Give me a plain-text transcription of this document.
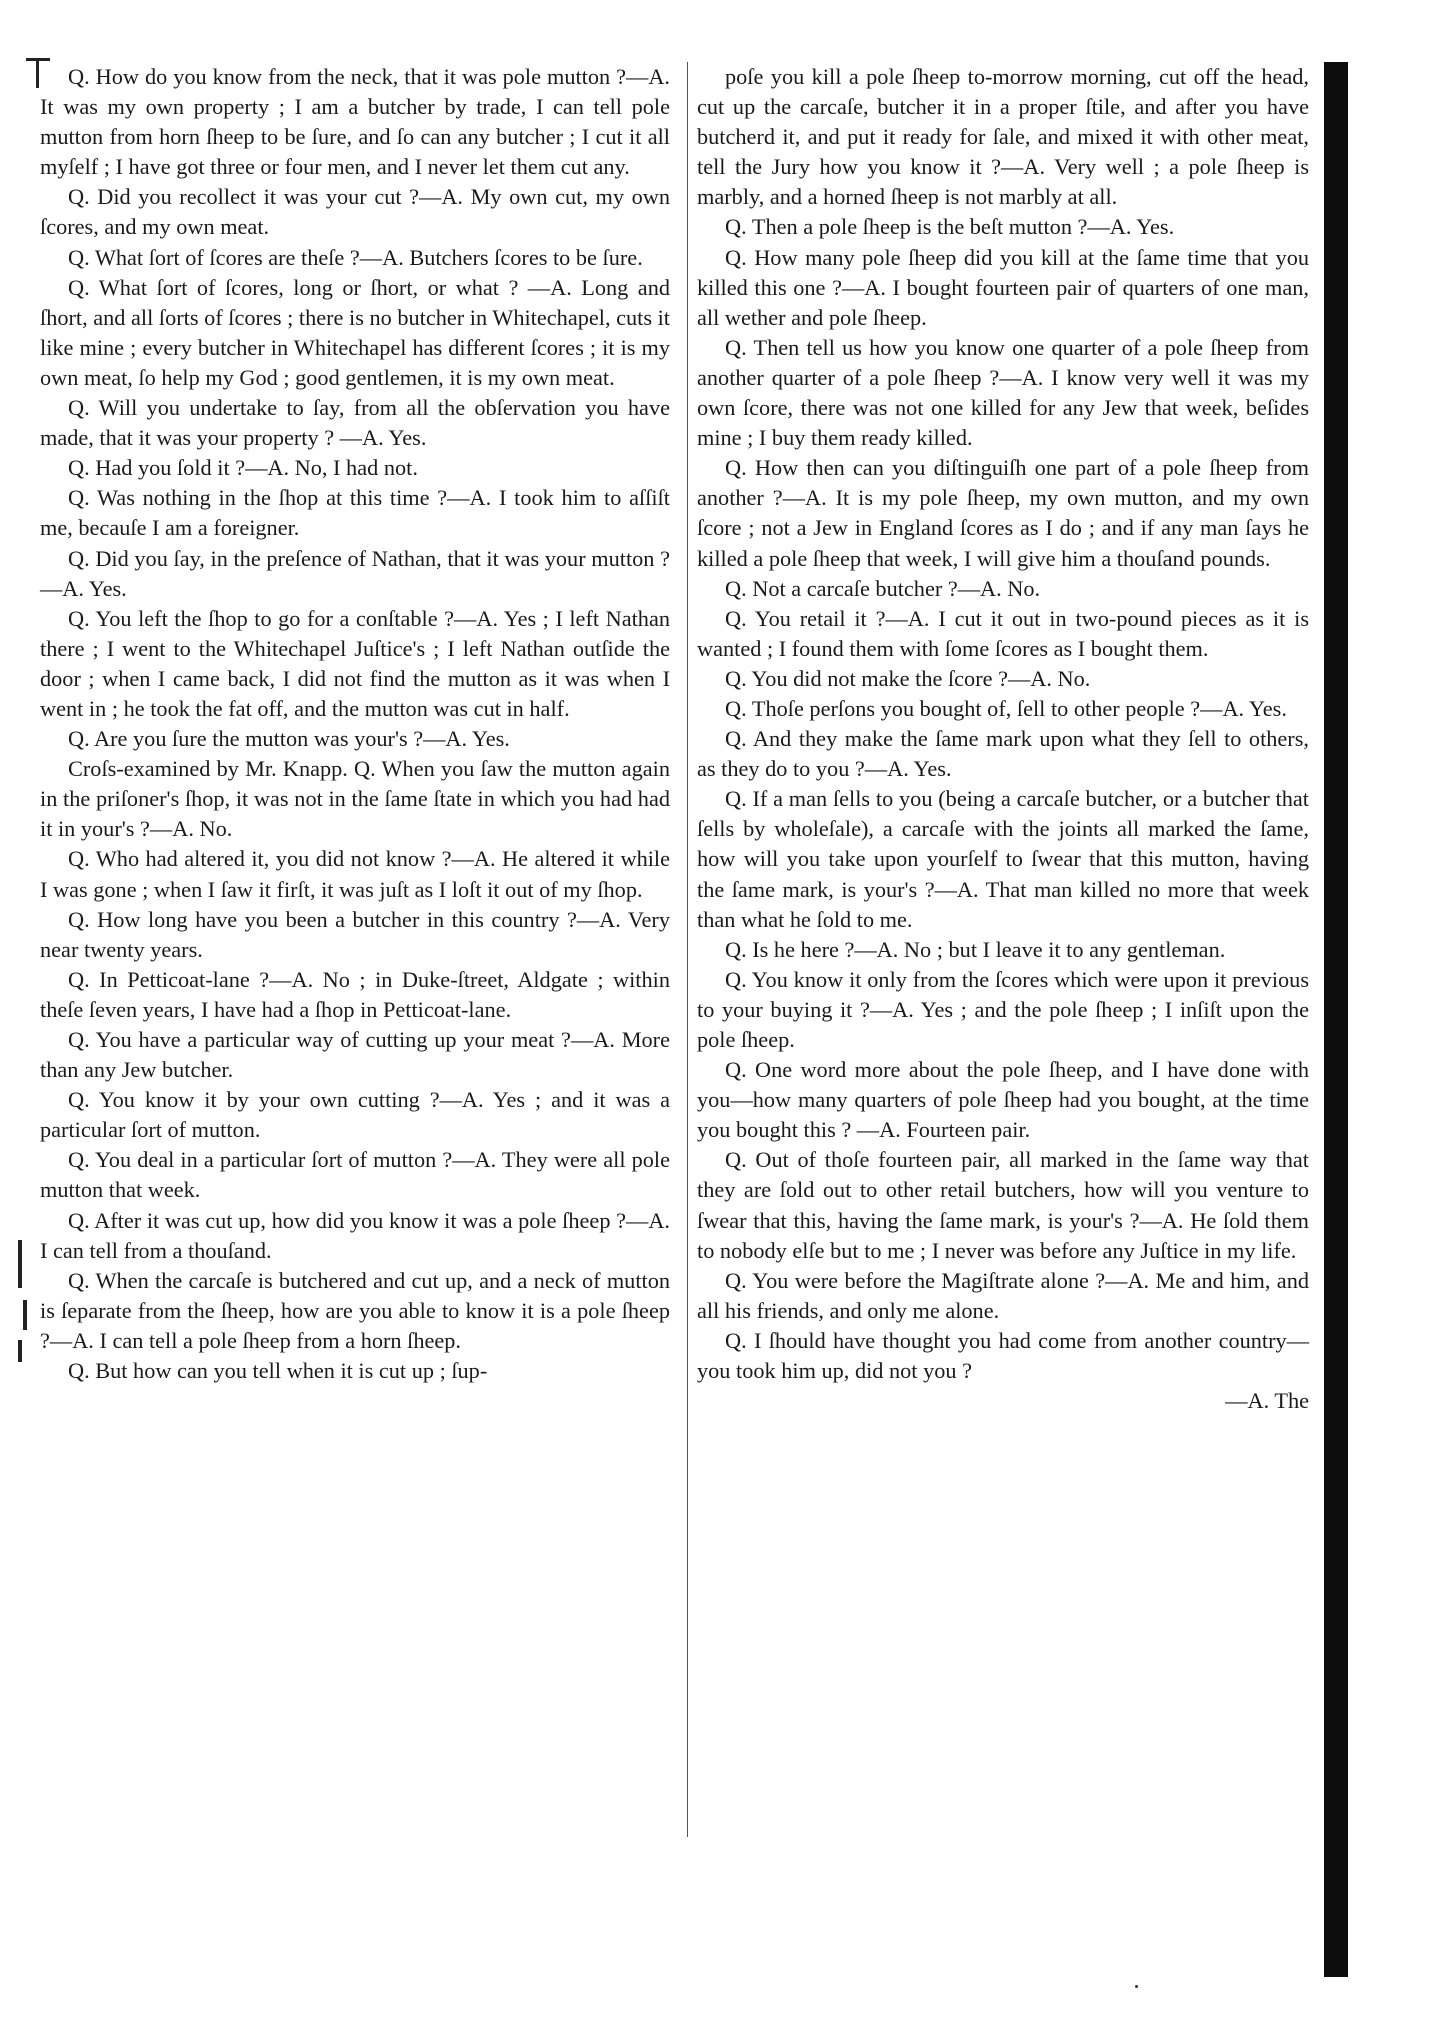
Q. How do you know from the neck, that it was pole mutton ?—A. It was my own property ; I am a butcher by trade, I can tell pole mutton from horn ſheep to be ſure, and ſo can any butcher ; I cut it all myſelf ; I have got three or four men, and I never let them cut any.

Q. Did you recollect it was your cut ?—A. My own cut, my own ſcores, and my own meat.

Q. What ſort of ſcores are theſe ?—A. Butchers ſcores to be ſure.

Q. What ſort of ſcores, long or ſhort, or what ? —A. Long and ſhort, and all ſorts of ſcores ; there is no butcher in Whitechapel, cuts it like mine ; every butcher in Whitechapel has different ſcores ; it is my own meat, ſo help my God ; good gentlemen, it is my own meat.

Q. Will you undertake to ſay, from all the obſervation you have made, that it was your property ? —A. Yes.

Q. Had you ſold it ?—A. No, I had not.

Q. Was nothing in the ſhop at this time ?—A. I took him to aſſiſt me, becauſe I am a foreigner.

Q. Did you ſay, in the preſence of Nathan, that it was your mutton ?—A. Yes.

Q. You left the ſhop to go for a conſtable ?—A. Yes ; I left Nathan there ; I went to the Whitechapel Juſtice's ; I left Nathan outſide the door ; when I came back, I did not find the mutton as it was when I went in ; he took the fat off, and the mutton was cut in half.

Q. Are you ſure the mutton was your's ?—A. Yes.

Croſs-examined by Mr. Knapp. Q. When you ſaw the mutton again in the priſoner's ſhop, it was not in the ſame ſtate in which you had had it in your's ?—A. No.

Q. Who had altered it, you did not know ?—A. He altered it while I was gone ; when I ſaw it firſt, it was juſt as I loſt it out of my ſhop.

Q. How long have you been a butcher in this country ?—A. Very near twenty years.

Q. In Petticoat-lane ?—A. No ; in Duke-ſtreet, Aldgate ; within theſe ſeven years, I have had a ſhop in Petticoat-lane.

Q. You have a particular way of cutting up your meat ?—A. More than any Jew butcher.

Q. You know it by your own cutting ?—A. Yes ; and it was a particular ſort of mutton.

Q. You deal in a particular ſort of mutton ?—A. They were all pole mutton that week.

Q. After it was cut up, how did you know it was a pole ſheep ?—A. I can tell from a thouſand.

Q. When the carcaſe is butchered and cut up, and a neck of mutton is ſeparate from the ſheep, how are you able to know it is a pole ſheep ?—A. I can tell a pole ſheep from a horn ſheep.

Q. But how can you tell when it is cut up ; ſup-

poſe you kill a pole ſheep to-morrow morning, cut off the head, cut up the carcaſe, butcher it in a proper ſtile, and after you have butcherd it, and put it ready for ſale, and mixed it with other meat, tell the Jury how you know it ?—A. Very well ; a pole ſheep is marbly, and a horned ſheep is not marbly at all.

Q. Then a pole ſheep is the beſt mutton ?—A. Yes.

Q. How many pole ſheep did you kill at the ſame time that you killed this one ?—A. I bought fourteen pair of quarters of one man, all wether and pole ſheep.

Q. Then tell us how you know one quarter of a pole ſheep from another quarter of a pole ſheep ?—A. I know very well it was my own ſcore, there was not one killed for any Jew that week, beſides mine ; I buy them ready killed.

Q. How then can you diſtinguiſh one part of a pole ſheep from another ?—A. It is my pole ſheep, my own mutton, and my own ſcore ; not a Jew in England ſcores as I do ; and if any man ſays he killed a pole ſheep that week, I will give him a thouſand pounds.

Q. Not a carcaſe butcher ?—A. No.

Q. You retail it ?—A. I cut it out in two-pound pieces as it is wanted ; I found them with ſome ſcores as I bought them.

Q. You did not make the ſcore ?—A. No.

Q. Thoſe perſons you bought of, ſell to other people ?—A. Yes.

Q. And they make the ſame mark upon what they ſell to others, as they do to you ?—A. Yes.

Q. If a man ſells to you (being a carcaſe butcher, or a butcher that ſells by wholeſale), a carcaſe with the joints all marked the ſame, how will you take upon yourſelf to ſwear that this mutton, having the ſame mark, is your's ?—A. That man killed no more that week than what he ſold to me.

Q. Is he here ?—A. No ; but I leave it to any gentleman.

Q. You know it only from the ſcores which were upon it previous to your buying it ?—A. Yes ; and the pole ſheep ; I inſiſt upon the pole ſheep.

Q. One word more about the pole ſheep, and I have done with you—how many quarters of pole ſheep had you bought, at the time you bought this ? —A. Fourteen pair.

Q. Out of thoſe fourteen pair, all marked in the ſame way that they are ſold out to other retail butchers, how will you venture to ſwear that this, having the ſame mark, is your's ?—A. He ſold them to nobody elſe but to me ; I never was before any Juſtice in my life.

Q. You were before the Magiſtrate alone ?—A. Me and him, and all his friends, and only me alone.

Q. I ſhould have thought you had come from another country—you took him up, did not you ?

—A. The
